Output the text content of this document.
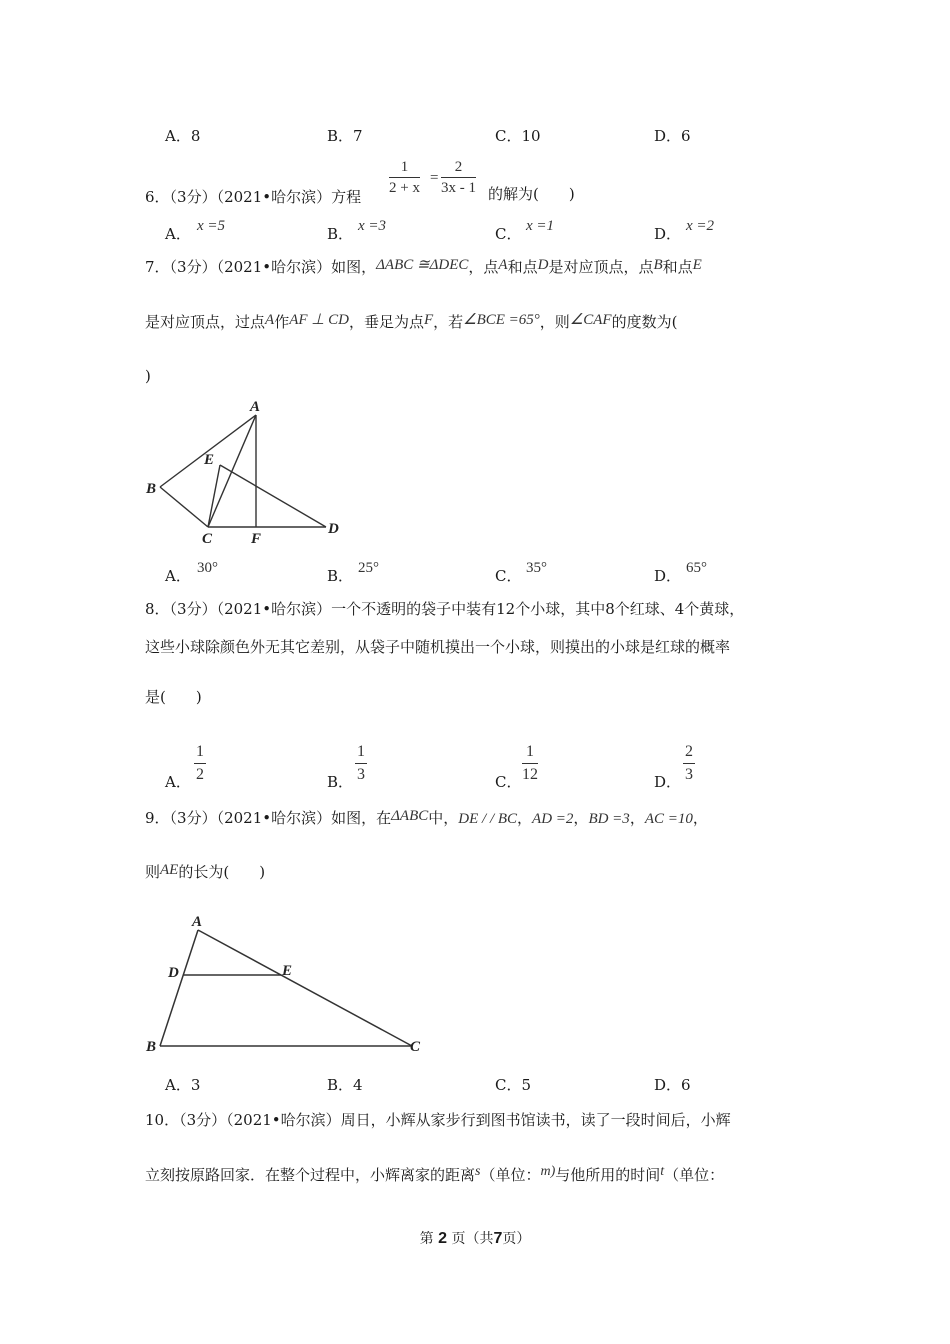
A．8	B．7	C．10	D．6
6．（3分）（2021•哈尔滨）方程 $\frac{1}{2 + x} = \frac{2}{3x - 1}$ 的解为(　　)
A． x =5	B． x =3	C． x =1	D． x =2
7．（3分）（2021•哈尔滨）如图，ΔABC ≅ΔDEC，点A和点D是对应顶点，点B和点E
是对应顶点，过点A作AF ⊥ CD，垂足为点F，若∠BCE =65°，则∠CAF的度数为(
)
A
B
C
D
E
F
A． 30°	B． 25°	C． 35°	D． 65°
8．（3分）（2021•哈尔滨）一个不透明的袋子中装有12个小球，其中8个红球、4个黄球，
这些小球除颜色外无其它差别，从袋子中随机摸出一个小球，则摸出的小球是红球的概率
是(　　)
A． $\frac{1}{2}$	B． $\frac{1}{3}$	C． $\frac{1}{12}$	D． $\frac{2}{3}$
9．（3分）（2021•哈尔滨）如图，在ΔABC中，DE / / BC，AD =2，BD =3，AC =10，
则AE的长为(　　)
A
B	C
D	E
A．3	B．4	C．5	D．6
10．（3分）（2021•哈尔滨）周日，小辉从家步行到图书馆读书，读了一段时间后，小辉
立刻按原路回家．在整个过程中，小辉离家的距离s（单位：m)与他所用的时间t（单位：
第 2 页（共7页）
